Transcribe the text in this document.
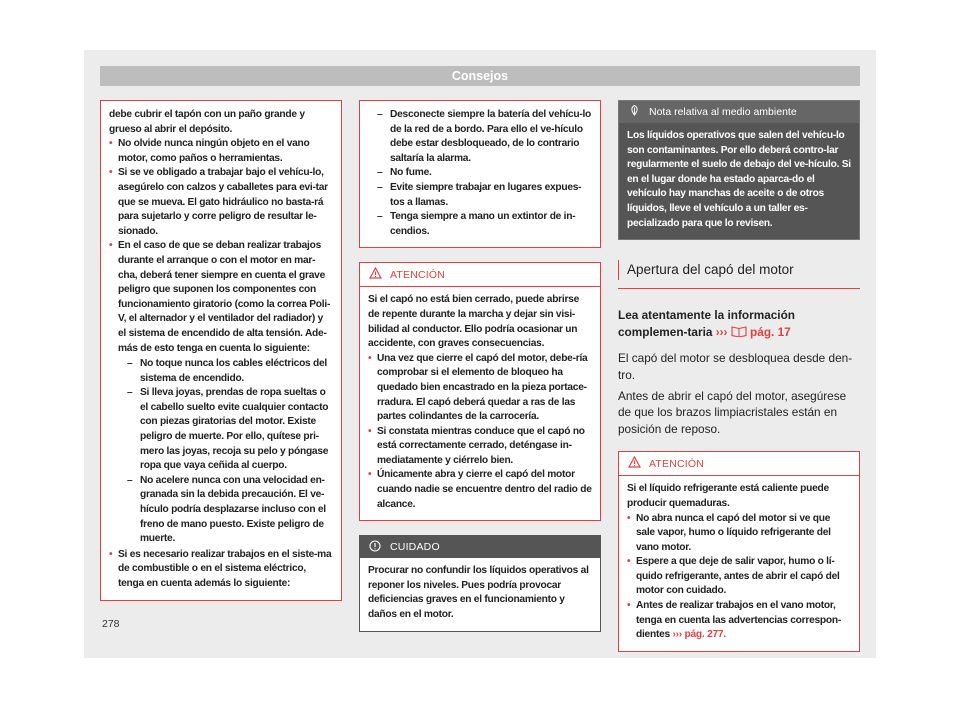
Consejos

debe cubrir el tapón con un paño grande y grueso al abrir el depósito.

• No olvide nunca ningún objeto en el vano motor, como paños o herramientas.
• Si se ve obligado a trabajar bajo el vehícu-lo, asegúrelo con calzos y caballetes para evi-tar que se mueva. El gato hidráulico no basta-rá para sujetarlo y corre peligro de resultar le-sionado.
• En el caso de que se deban realizar trabajos durante el arranque o con el motor en mar-cha, deberá tener siempre en cuenta el grave peligro que suponen los componentes con funcionamiento giratorio (como la correa Poli-V, el alternador y el ventilador del radiador) y el sistema de encendido de alta tensión. Ade-más de esto tenga en cuenta lo siguiente:
– No toque nunca los cables eléctricos del sistema de encendido.
– Si lleva joyas, prendas de ropa sueltas o el cabello suelto evite cualquier contacto con piezas giratorias del motor. Existe peligro de muerte. Por ello, quítese pri-mero las joyas, recoja su pelo y póngase ropa que vaya ceñida al cuerpo.
– No acelere nunca con una velocidad en-granada sin la debida precaución. El ve-hículo podría desplazarse incluso con el freno de mano puesto. Existe peligro de muerte.
• Si es necesario realizar trabajos en el siste-ma de combustible o en el sistema eléctrico, tenga en cuenta además lo siguiente:
– Desconecte siempre la batería del vehícu-lo de la red de a bordo. Para ello el ve-hículo debe estar desbloqueado, de lo contrario saltaría la alarma.
– No fume.
– Evite siempre trabajar en lugares expues-tos a llamas.
– Tenga siempre a mano un extintor de in-cendios.
ATENCIÓN

Si el capó no está bien cerrado, puede abrirse de repente durante la marcha y dejar sin visi-bilidad al conductor. Ello podría ocasionar un accidente, con graves consecuencias.

• Una vez que cierre el capó del motor, debe-ría comprobar si el elemento de bloqueo ha quedado bien encastrado en la pieza portace-rradura. El capó deberá quedar a ras de las partes colindantes de la carrocería.
• Si constata mientras conduce que el capó no está correctamente cerrado, deténgase in-mediatamente y ciérrelo bien.
• Únicamente abra y cierre el capó del motor cuando nadie se encuentre dentro del radio de alcance.
CUIDADO

Procurar no confundir los líquidos operativos al reponer los niveles. Pues podría provocar deficiencias graves en el funcionamiento y daños en el motor.

Nota relativa al medio ambiente

Los líquidos operativos que salen del vehícu-lo son contaminantes. Por ello deberá contro-lar regularmente el suelo de debajo del ve-hículo. Si en el lugar donde ha estado aparca-do el vehículo hay manchas de aceite o de otros líquidos, lleve el vehículo a un taller es-pecializado para que lo revisen.

Apertura del capó del motor

Lea atentamente la información complemen-taria ››› pág. 17

El capó del motor se desbloquea desde den-tro.

Antes de abrir el capó del motor, asegúrese de que los brazos limpiacristales están en posición de reposo.

ATENCIÓN

Si el líquido refrigerante está caliente puede producir quemaduras.

• No abra nunca el capó del motor si ve que sale vapor, humo o líquido refrigerante del vano motor.
• Espere a que deje de salir vapor, humo o lí-quido refrigerante, antes de abrir el capó del motor con cuidado.
• Antes de realizar trabajos en el vano motor, tenga en cuenta las advertencias correspon-dientes ››› pág. 277.
278
